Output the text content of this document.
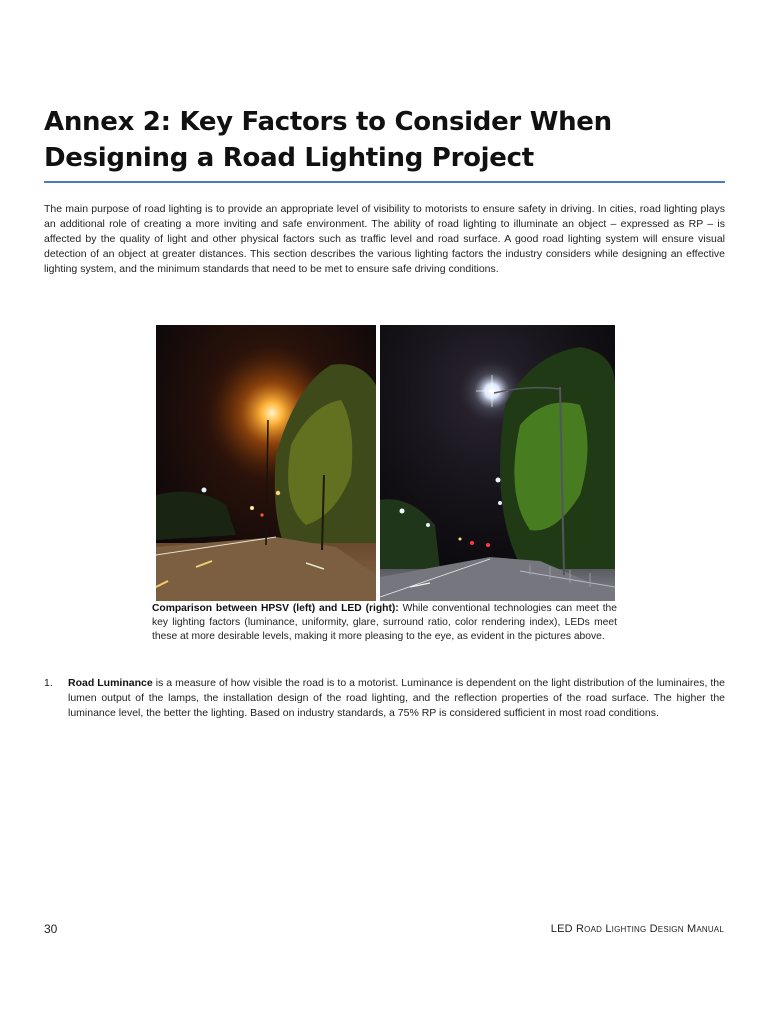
Annex 2: Key Factors to Consider When Designing a Road Lighting Project

The main purpose of road lighting is to provide an appropriate level of visibility to motorists to ensure safety in driving. In cities, road lighting plays an additional role of creating a more inviting and safe environment. The ability of road lighting to illuminate an object – expressed as RP – is affected by the quality of light and other physical factors such as traffic level and road surface. A good road lighting system will ensure visual detection of an object at greater distances. This section describes the various lighting factors the industry considers while designing an effective lighting system, and the minimum standards that need to be met to ensure safe driving conditions.

Comparison between HPSV (left) and LED (right): While conventional technologies can meet the key lighting factors (luminance, uniformity, glare, surround ratio, color rendering index), LEDs meet these at more desirable levels, making it more pleasing to the eye, as evident in the pictures above.

1. Road Luminance is a measure of how visible the road is to a motorist. Luminance is dependent on the light distribution of the luminaires, the lumen output of the lamps, the installation design of the road lighting, and the reflection properties of the road surface. The higher the luminance level, the better the lighting. Based on industry standards, a 75% RP is considered sufficient in most road conditions.
30	LED Road Lighting Design Manual
